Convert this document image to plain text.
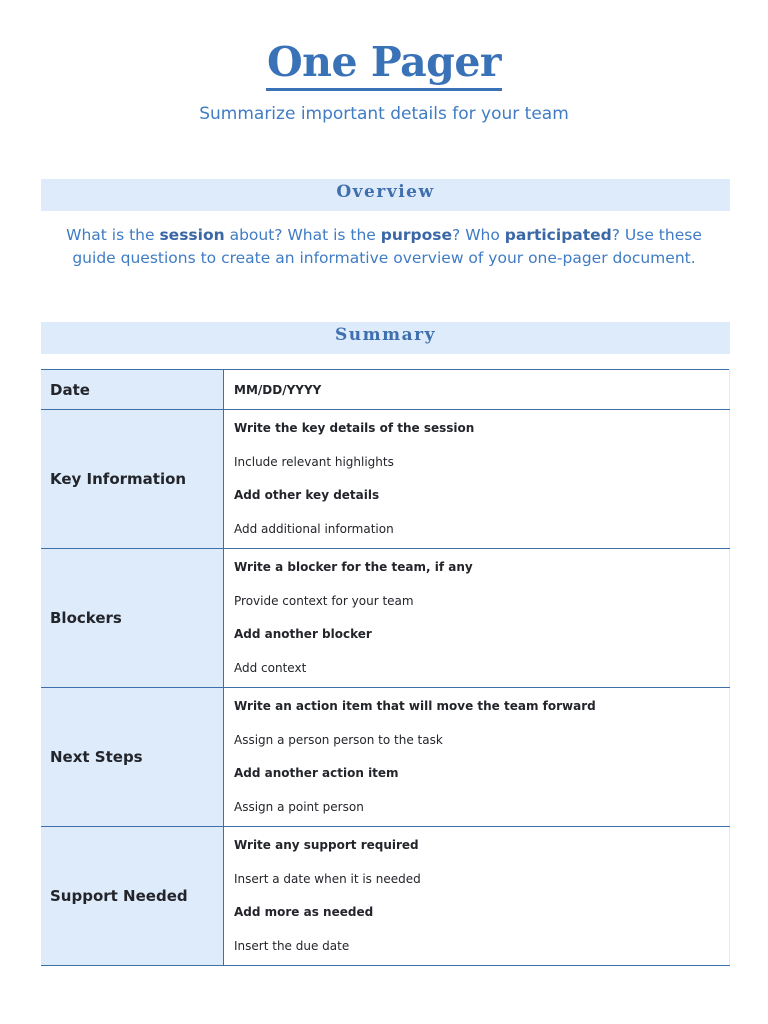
One Pager
Summarize important details for your team
Overview
What is the session about? What is the purpose? Who participated? Use these guide questions to create an informative overview of your one-pager document.
Summary
Date	MM/DD/YYYY
Key Information	Write the key details of the session
Include relevant highlights
Add other key details
Add additional information

Blockers	Write a blocker for the team, if any
Provide context for your team
Add another blocker
Add context

Next Steps	Write an action item that will move the team forward
Assign a person person to the task
Add another action item
Assign a point person

Support Needed	Write any support required
Insert a date when it is needed
Add more as needed
Insert the due date
